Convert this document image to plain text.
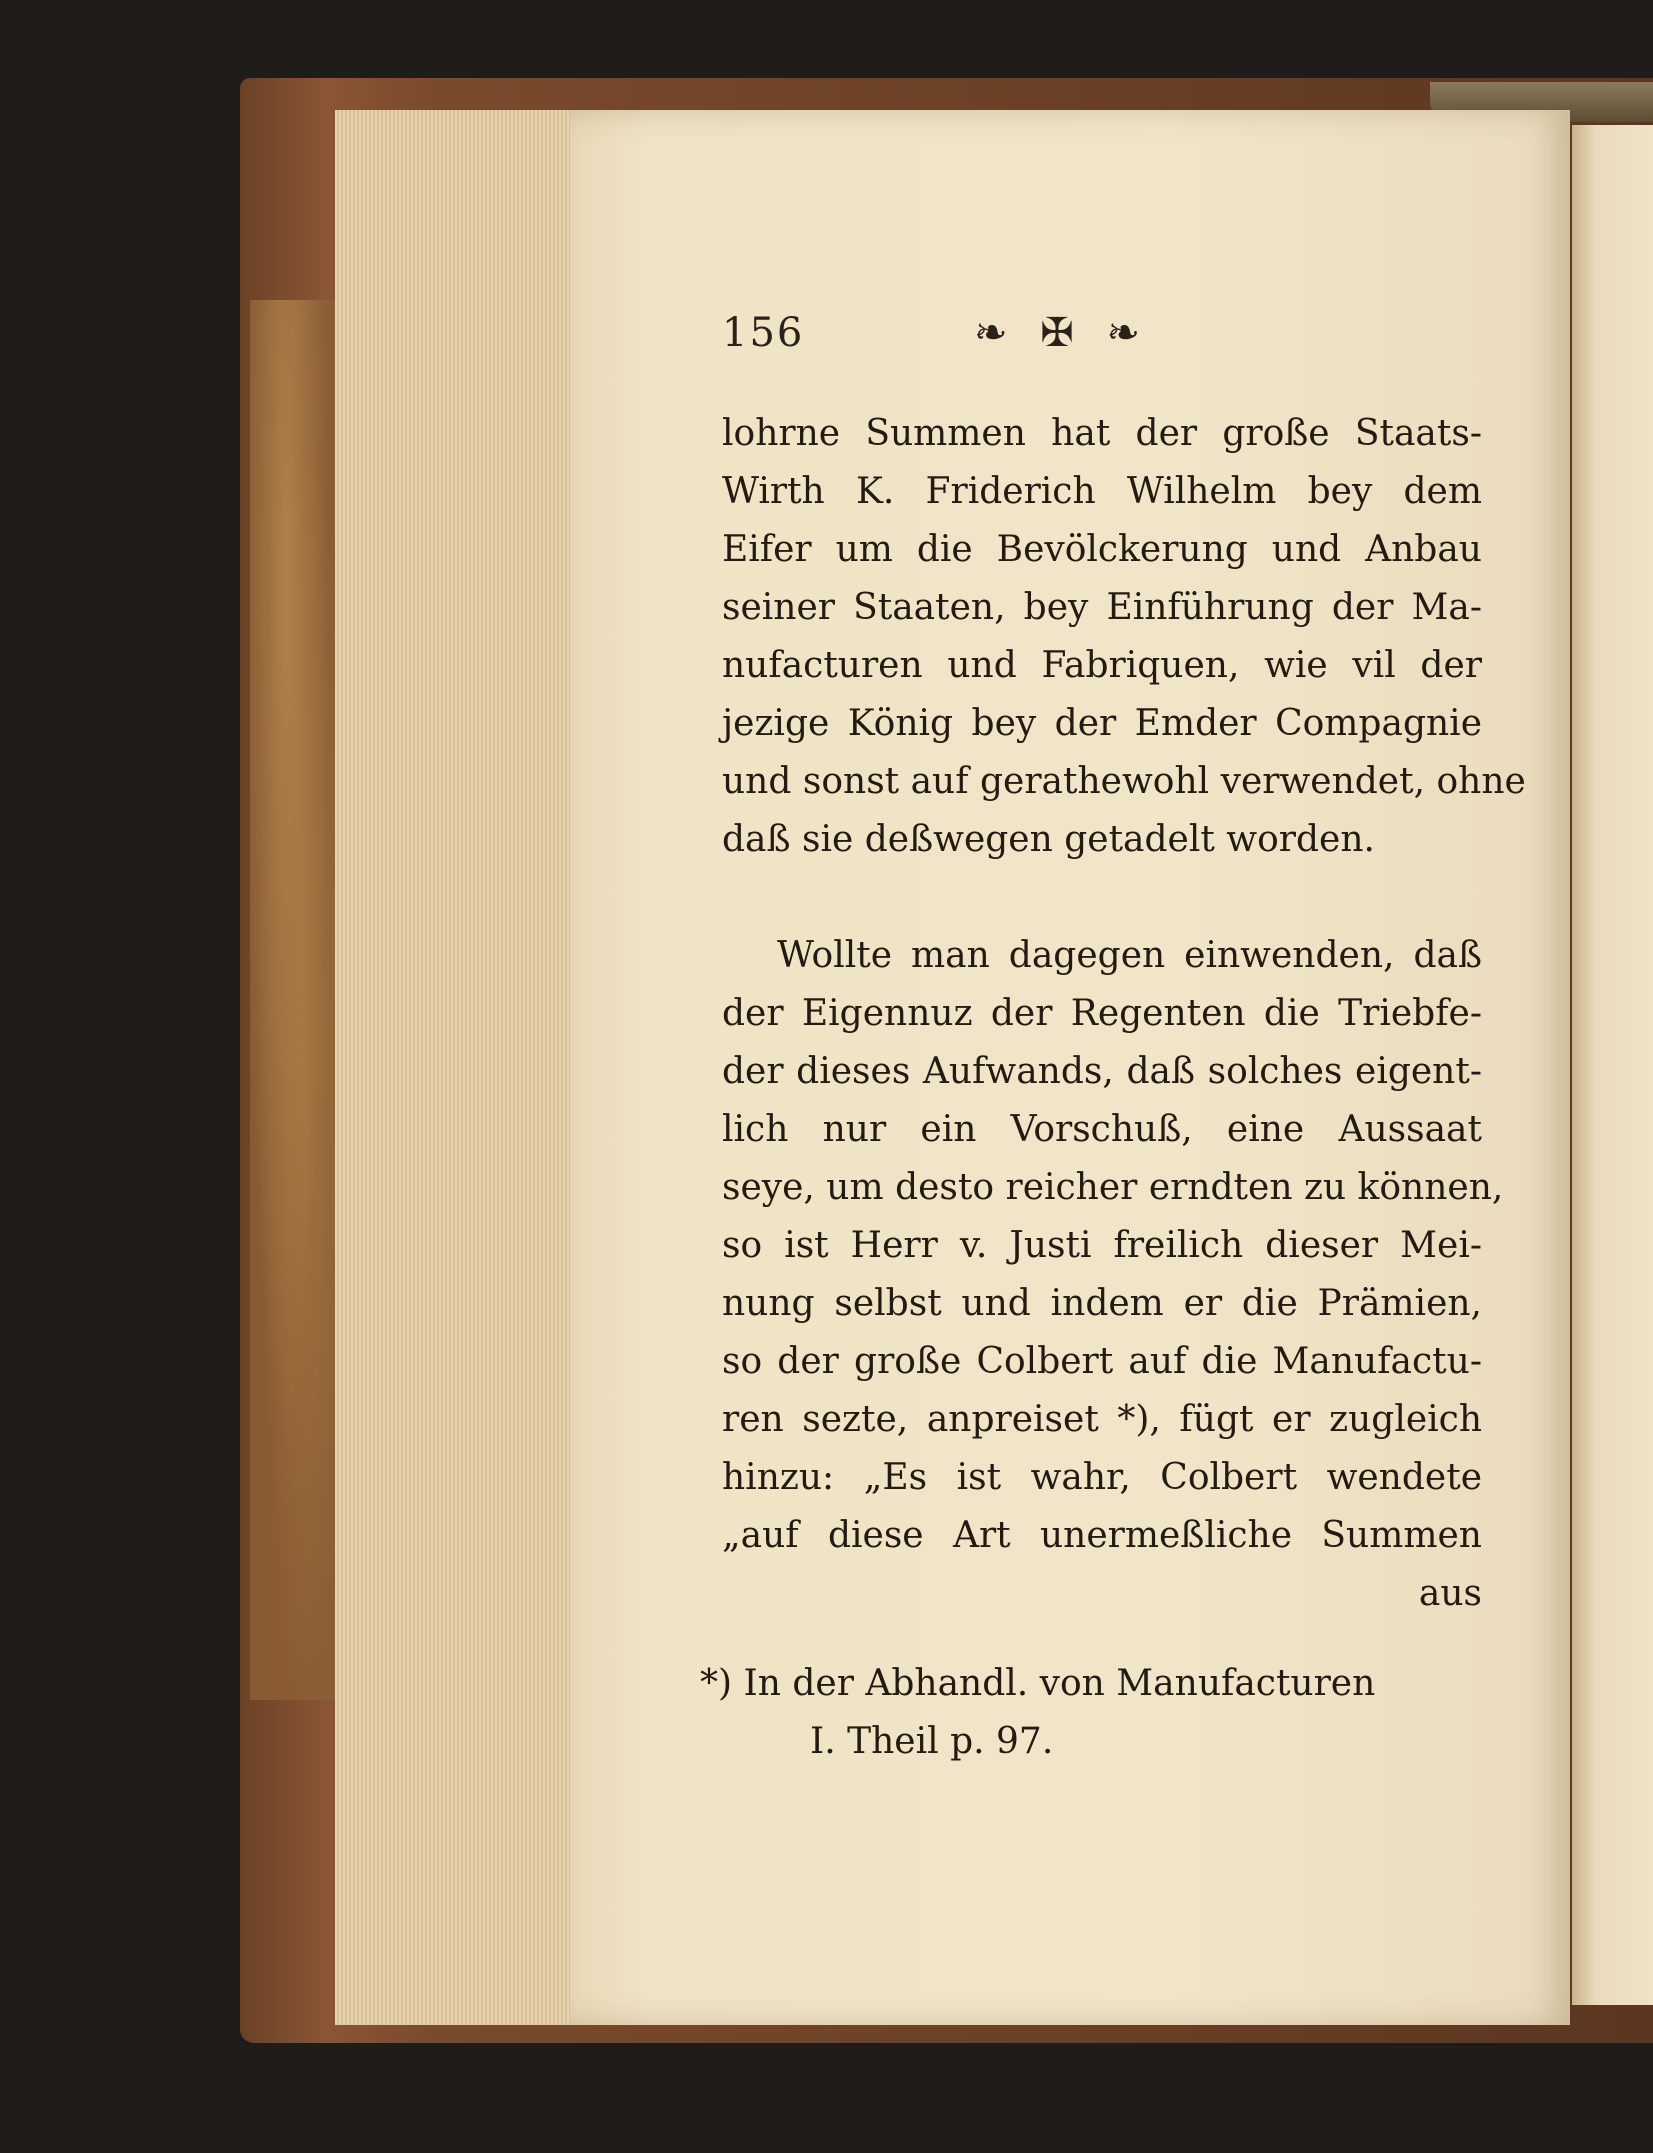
156	❧ ✠ ❧
lohrne Summen hat der große Staats-
Wirth K. Friderich Wilhelm bey dem
Eifer um die Bevölckerung und Anbau
seiner Staaten, bey Einführung der Ma-
nufacturen und Fabriquen, wie vil der
jezige König bey der Emder Compagnie
und sonst auf gerathewohl verwendet, ohne
daß sie deßwegen getadelt worden.
Wollte man dagegen einwenden, daß
der Eigennuz der Regenten die Triebfe-
der dieses Aufwands, daß solches eigent-
lich nur ein Vorschuß, eine Aussaat
seye, um desto reicher erndten zu können,
so ist Herr v. Justi freilich dieser Mei-
nung selbst und indem er die Prämien,
so der große Colbert auf die Manufactu-
ren sezte, anpreiset *), fügt er zugleich
hinzu: „Es ist wahr, Colbert wendete
„auf diese Art unermeßliche Summen
aus
*) In der Abhandl. von Manufacturen
I. Theil p. 97.
